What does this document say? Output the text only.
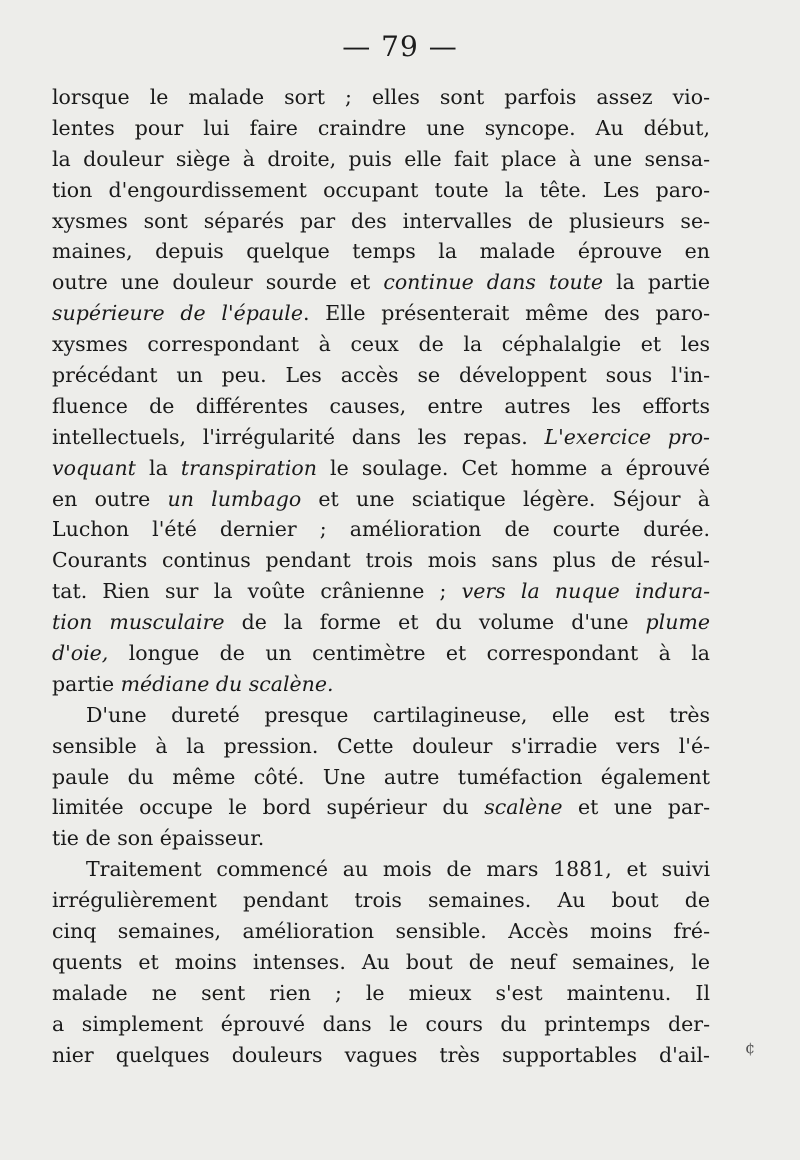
— 79 —
lorsque le malade sort ; elles sont parfois assez vio-
lentes pour lui faire craindre une syncope. Au début,
la douleur siège à droite, puis elle fait place à une sensa-
tion d'engourdissement occupant toute la tête. Les paro-
xysmes sont séparés par des intervalles de plusieurs se-
maines, depuis quelque temps la malade éprouve en
outre une douleur sourde et continue dans toute la partie
supérieure de l'épaule. Elle présenterait même des paro-
xysmes correspondant à ceux de la céphalalgie et les
précédant un peu. Les accès se développent sous l'in-
fluence de différentes causes, entre autres les efforts
intellectuels, l'irrégularité dans les repas. L'exercice pro-
voquant la transpiration le soulage. Cet homme a éprouvé
en outre un lumbago et une sciatique légère. Séjour à
Luchon l'été dernier ; amélioration de courte durée.
Courants continus pendant trois mois sans plus de résul-
tat. Rien sur la voûte crânienne ; vers la nuque indura-
tion musculaire de la forme et du volume d'une plume
d'oie, longue de un centimètre et correspondant à la
partie médiane du scalène.
D'une dureté presque cartilagineuse, elle est très
sensible à la pression. Cette douleur s'irradie vers l'é-
paule du même côté. Une autre tuméfaction également
limitée occupe le bord supérieur du scalène et une par-
tie de son épaisseur.
Traitement commencé au mois de mars 1881, et suivi
irrégulièrement pendant trois semaines. Au bout de
cinq semaines, amélioration sensible. Accès moins fré-
quents et moins intenses. Au bout de neuf semaines, le
malade ne sent rien ; le mieux s'est maintenu. Il
a simplement éprouvé dans le cours du printemps der-
nier quelques douleurs vagues très supportables d'ail- ¢
